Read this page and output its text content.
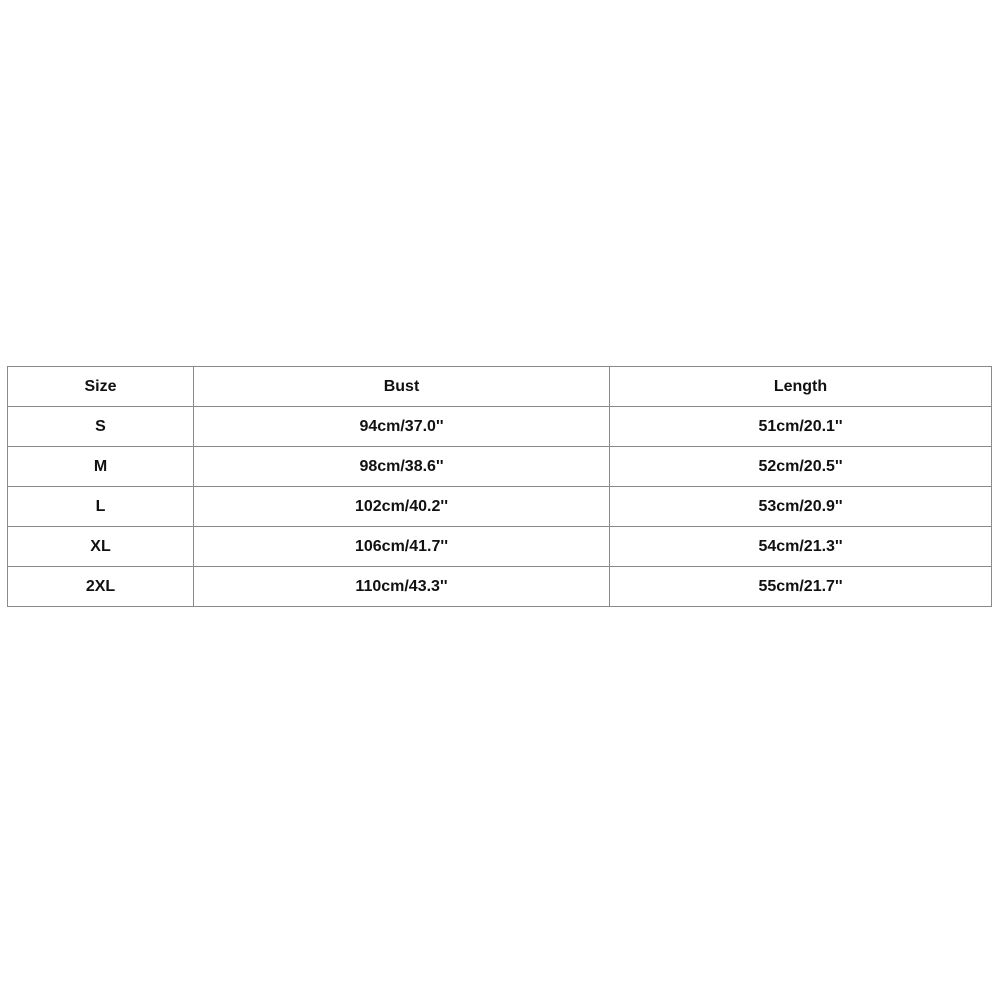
Size	Bust	Length
S	94cm/37.0''	51cm/20.1''
M	98cm/38.6''	52cm/20.5''
L	102cm/40.2''	53cm/20.9''
XL	106cm/41.7''	54cm/21.3''
2XL	110cm/43.3''	55cm/21.7''
